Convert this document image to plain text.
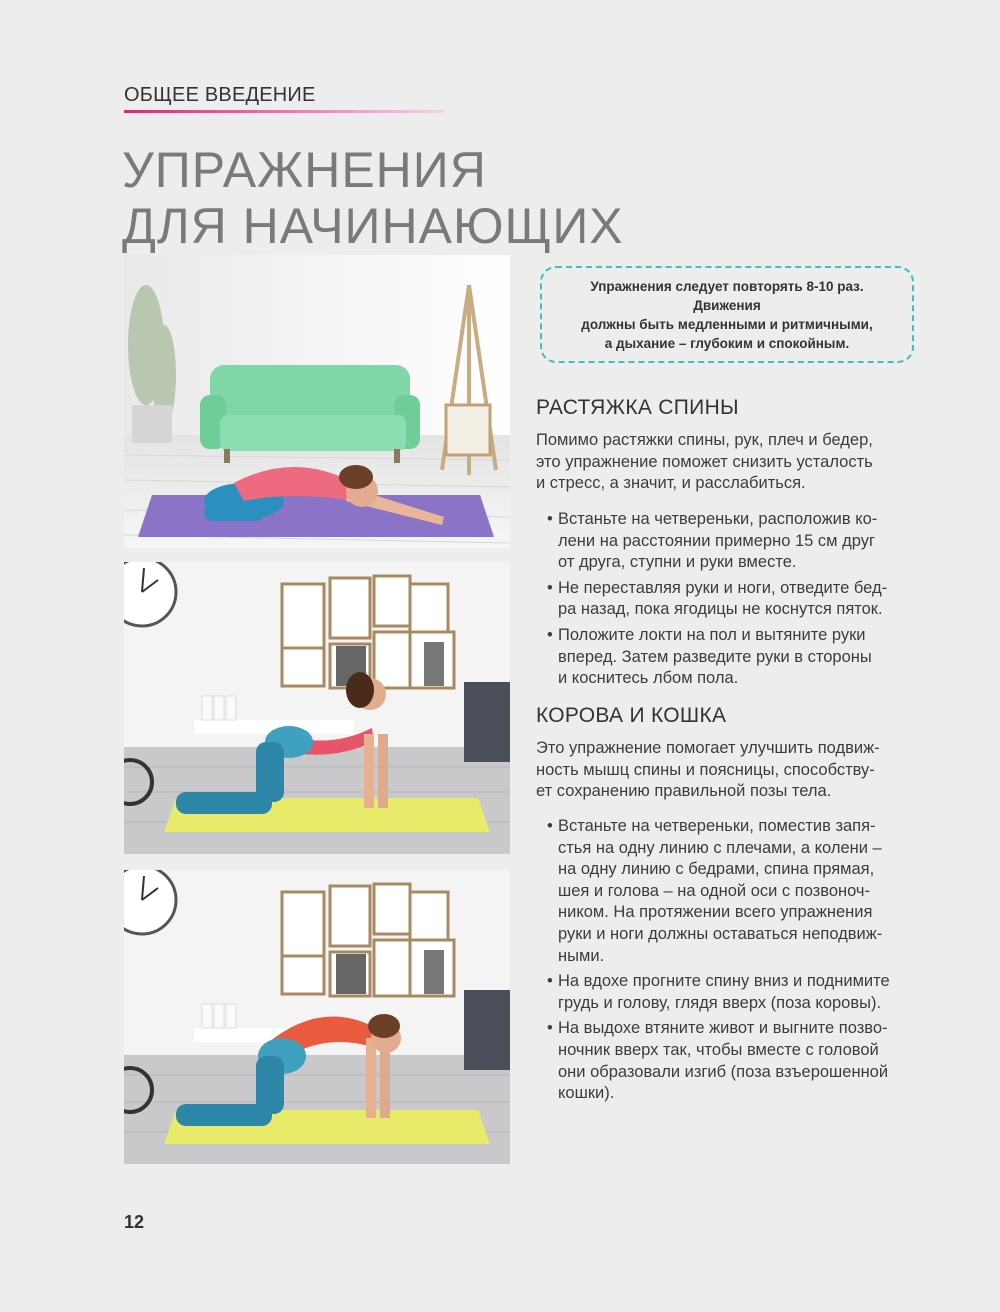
ОБЩЕЕ ВВЕДЕНИЕ
УПРАЖНЕНИЯ
ДЛЯ НАЧИНАЮЩИХ

Упражнения следует повторять 8-10 раз. Движения
должны быть медленными и ритмичными,
а дыхание – глубоким и спокойным.

РАСТЯЖКА СПИНЫ

Помимо растяжки спины, рук, плеч и бедер,
это упражнение поможет снизить усталость
и стресс, а значит, и расслабиться.

• Встаньте на четвереньки, расположив ко-
лени на расстоянии примерно 15 см друг
от друга, ступни и руки вместе.
• Не переставляя руки и ноги, отведите бед-
ра назад, пока ягодицы не коснутся пяток.
• Положите локти на пол и вытяните руки
вперед. Затем разведите руки в стороны
и коснитесь лбом пола.
КОРОВА И КОШКА

Это упражнение помогает улучшить подвиж-
ность мышц спины и поясницы, способству-
ет сохранению правильной позы тела.

• Встаньте на четвереньки, поместив запя-
стья на одну линию с плечами, а колени –
на одну линию с бедрами, спина прямая,
шея и голова – на одной оси с позвоноч-
ником. На протяжении всего упражнения
руки и ноги должны оставаться неподвиж-
ными.
• На вдохе прогните спину вниз и поднимите
грудь и голову, глядя вверх (поза коровы).
• На выдохе втяните живот и выгните позво-
ночник вверх так, чтобы вместе с головой
они образовали изгиб (поза взъерошенной
кошки).
12
